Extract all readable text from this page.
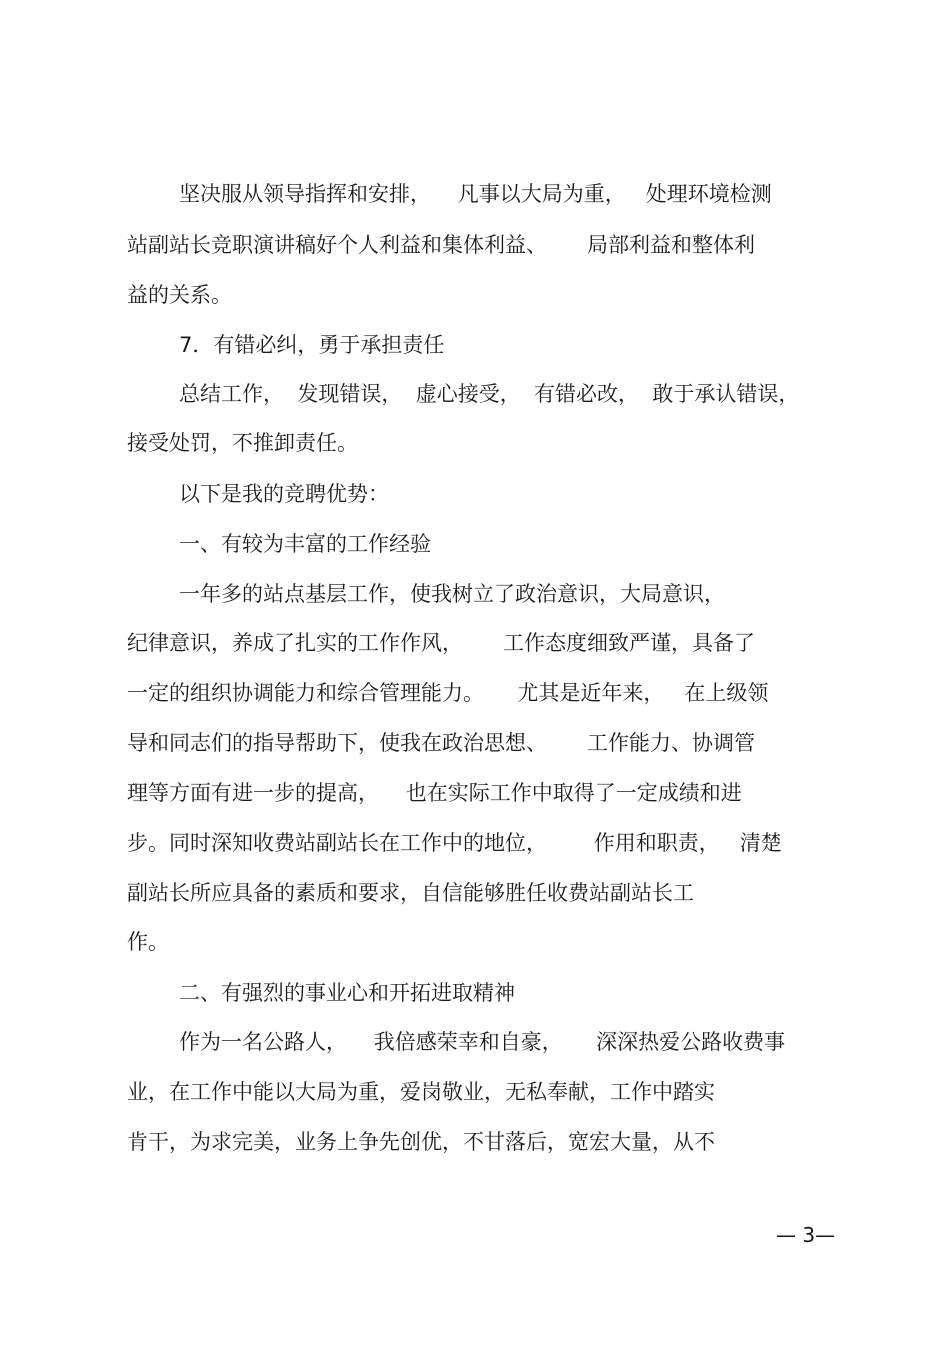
坚决服从领导指挥和安排，    凡事以大局为重，   处理环境检测

站副站长竞职演讲稿好个人利益和集体利益、      局部利益和整体利

益的关系。

7．有错必纠，勇于承担责任

总结工作，  发现错误，  虚心接受，  有错必改，  敢于承认错误，

接受处罚，不推卸责任。

以下是我的竞聘优势：

一、有较为丰富的工作经验

一年多的站点基层工作，使我树立了政治意识，大局意识，

纪律意识，养成了扎实的工作作风，      工作态度细致严谨，具备了

一定的组织协调能力和综合管理能力。     尤其是近年来，   在上级领

导和同志们的指导帮助下，使我在政治思想、      工作能力、协调管

理等方面有进一步的提高，    也在实际工作中取得了一定成绩和进

步。同时深知收费站副站长在工作中的地位，       作用和职责，   清楚

副站长所应具备的素质和要求，自信能够胜任收费站副站长工

作。

二、有强烈的事业心和开拓进取精神

作为一名公路人，    我倍感荣幸和自豪，     深深热爱公路收费事

业，在工作中能以大局为重，爱岗敬业，无私奉献，工作中踏实

肯干，为求完美，业务上争先创优，不甘落后，宽宏大量，从不

— 3—
